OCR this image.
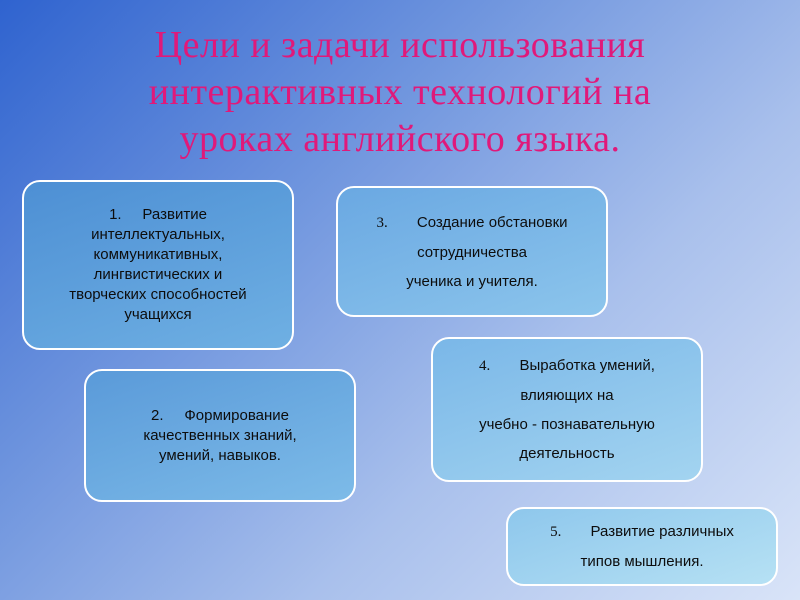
Цели и задачи использования
интерактивных технологий на
уроках английского языка.

1. Развитие

интеллектуальных,

коммуникативных,

лингвистических и

творческих способностей

учащихся

2. Формирование

качественных знаний,

умений, навыков.

3. Создание обстановки

сотрудничества

ученика и учителя.

4. Выработка умений,

влияющих на

учебно - познавательную

деятельность

5. Развитие различных

типов мышления.
